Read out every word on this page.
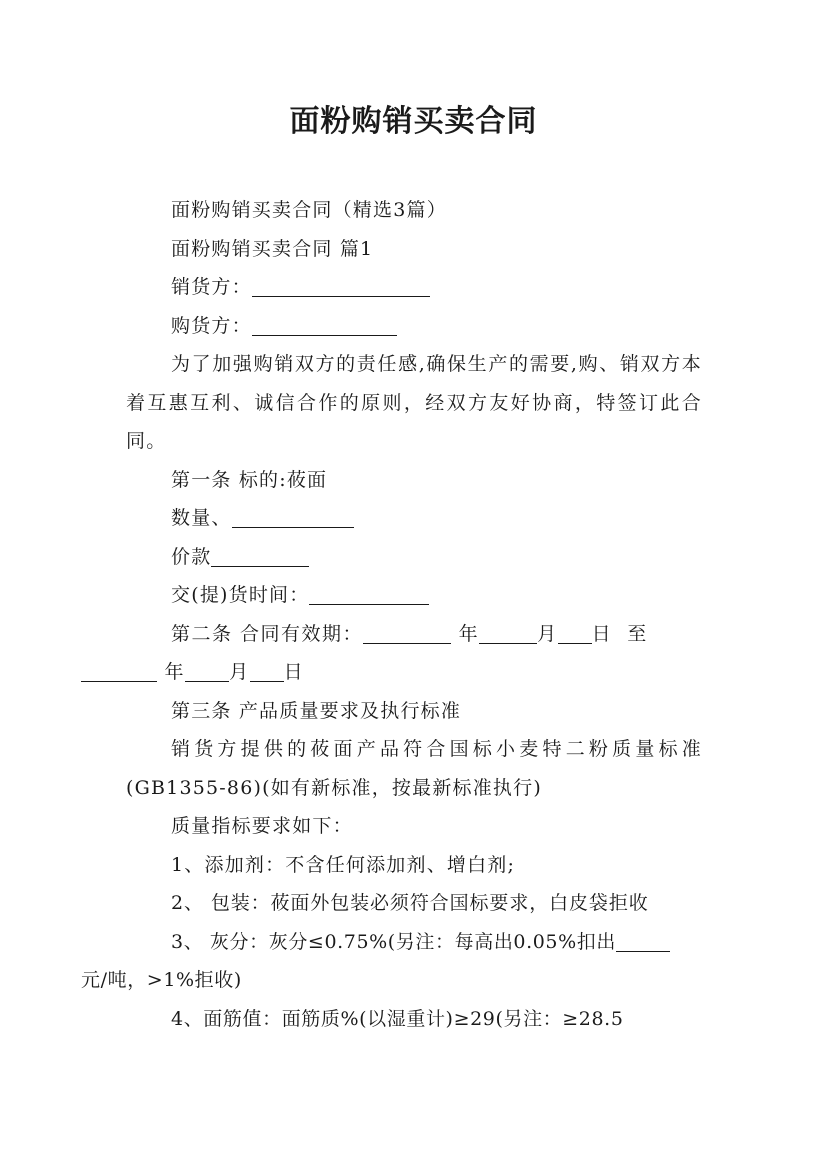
面粉购销买卖合同

面粉购销买卖合同（精选3篇）

面粉购销买卖合同 篇1

销货方：

购货方：

为了加强购销双方的责任感,确保生产的需要,购、销双方本着互惠互利、诚信合作的原则，经双方友好协商，特签订此合同。

第一条 标的:莜面

数量、

价款

交(提)货时间：

第二条 合同有效期：	年	月 日 至
年 月 日

第三条 产品质量要求及执行标准

销货方提供的莜面产品符合国标小麦特二粉质量标准(GB1355-86)(如有新标准，按最新标准执行)

质量指标要求如下：

1、添加剂：不含任何添加剂、增白剂;

2、 包装：莜面外包装必须符合国标要求，白皮袋拒收

3、 灰分：灰分≤0.75%(另注：每高出0.05%扣出
元/吨，>1%拒收)

4、面筋值：面筋质%(以湿重计)≥29(另注：≥28.5
